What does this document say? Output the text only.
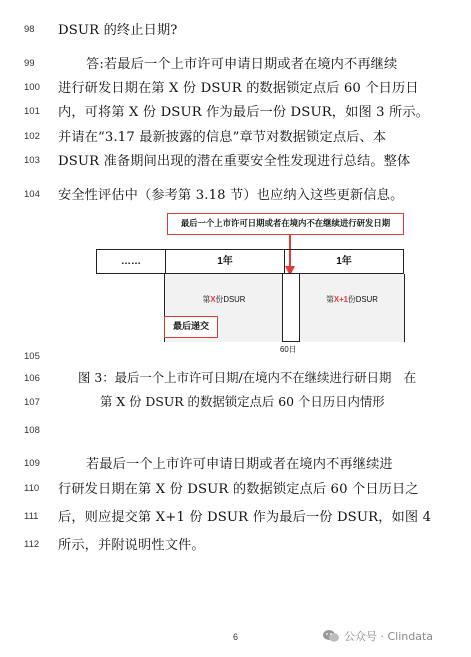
98	DSUR 的终止日期?
99	答:若最后一个上市许可申请日期或者在境内不再继续
100	进行研发日期在第 X 份 DSUR 的数据锁定点后 60 个日历日
101	内，可将第 X 份 DSUR 作为最后一份 DSUR，如图 3 所示。
102	并请在“3.17 最新披露的信息”章节对数据锁定点后、本
103	DSUR 准备期间出现的潜在重要安全性发现进行总结。整体
104	安全性评估中（参考第 3.18 节）也应纳入这些更新信息。
最后一个上市许可日期或者在境内不在继续进行研发日期
……	1年	1年
第X份DSUR
最后递交
60日
第X+1份DSUR
105
106	图 3：最后一个上市许可日期/在境内不在继续进行研日期　在
107	第 X 份 DSUR 的数据锁定点后 60 个日历日内情形
108
109	若最后一个上市许可申请日期或者在境内不再继续进
110	行研发日期在第 X 份 DSUR 的数据锁定点后 60 个日历日之
111	后，则应提交第 X+1 份 DSUR 作为最后一份 DSUR，如图 4
112	所示，并附说明性文件。
6	公众号 · Clindata
